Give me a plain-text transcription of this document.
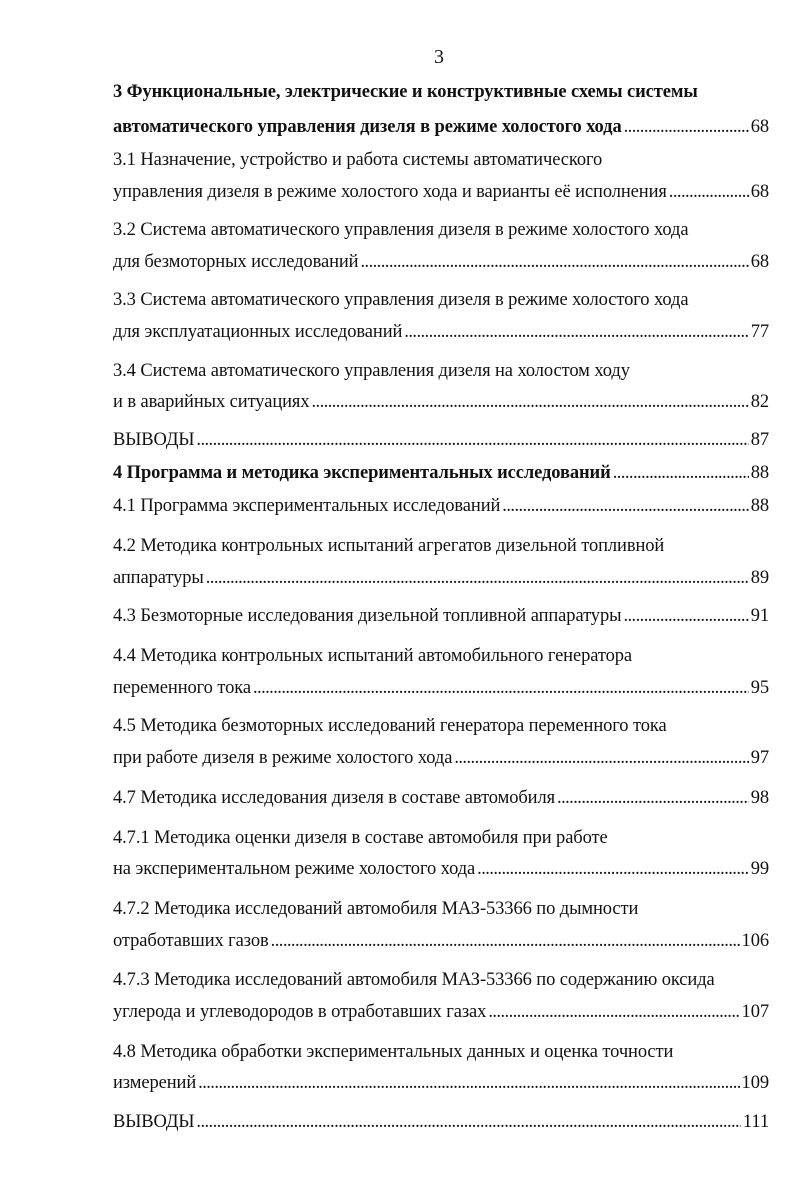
3
3 Функциональные, электрические и конструктивные схемы системы
автоматического управления дизеля в режиме холостого хода . . .	68
3.1 Назначение, устройство и работа системы автоматического
управления дизеля в режиме холостого хода и варианты её исполнения . . .	68
3.2 Система автоматического управления дизеля в режиме холостого хода
для безмоторных исследований . . .	68
3.3 Система автоматического управления дизеля в режиме холостого хода
для эксплуатационных исследований . . .	77
3.4 Система автоматического управления дизеля на холостом ходу
и в аварийных ситуациях . . .	82
ВЫВОДЫ . . .	87
4 Программа и методика экспериментальных исследований . . .	88
4.1 Программа экспериментальных исследований . . .	88
4.2 Методика контрольных испытаний агрегатов дизельной топливной
аппаратуры . . .	89
4.3 Безмоторные исследования дизельной топливной аппаратуры . . .	91
4.4 Методика контрольных испытаний автомобильного генератора
переменного тока . . .	95
4.5 Методика безмоторных исследований генератора переменного тока
при работе дизеля в режиме холостого хода . . .	97
4.7 Методика исследования дизеля в составе автомобиля . . .	98
4.7.1 Методика оценки дизеля в составе автомобиля при работе
на экспериментальном режиме холостого хода . . .	99
4.7.2 Методика исследований автомобиля МАЗ-53366 по дымности
отработавших газов . . .	106
4.7.3 Методика исследований автомобиля МАЗ-53366 по содержанию оксида
углерода и углеводородов в отработавших газах . . .	107
4.8 Методика обработки экспериментальных данных и оценка точности
измерений . . .	109
ВЫВОДЫ . . .	111
